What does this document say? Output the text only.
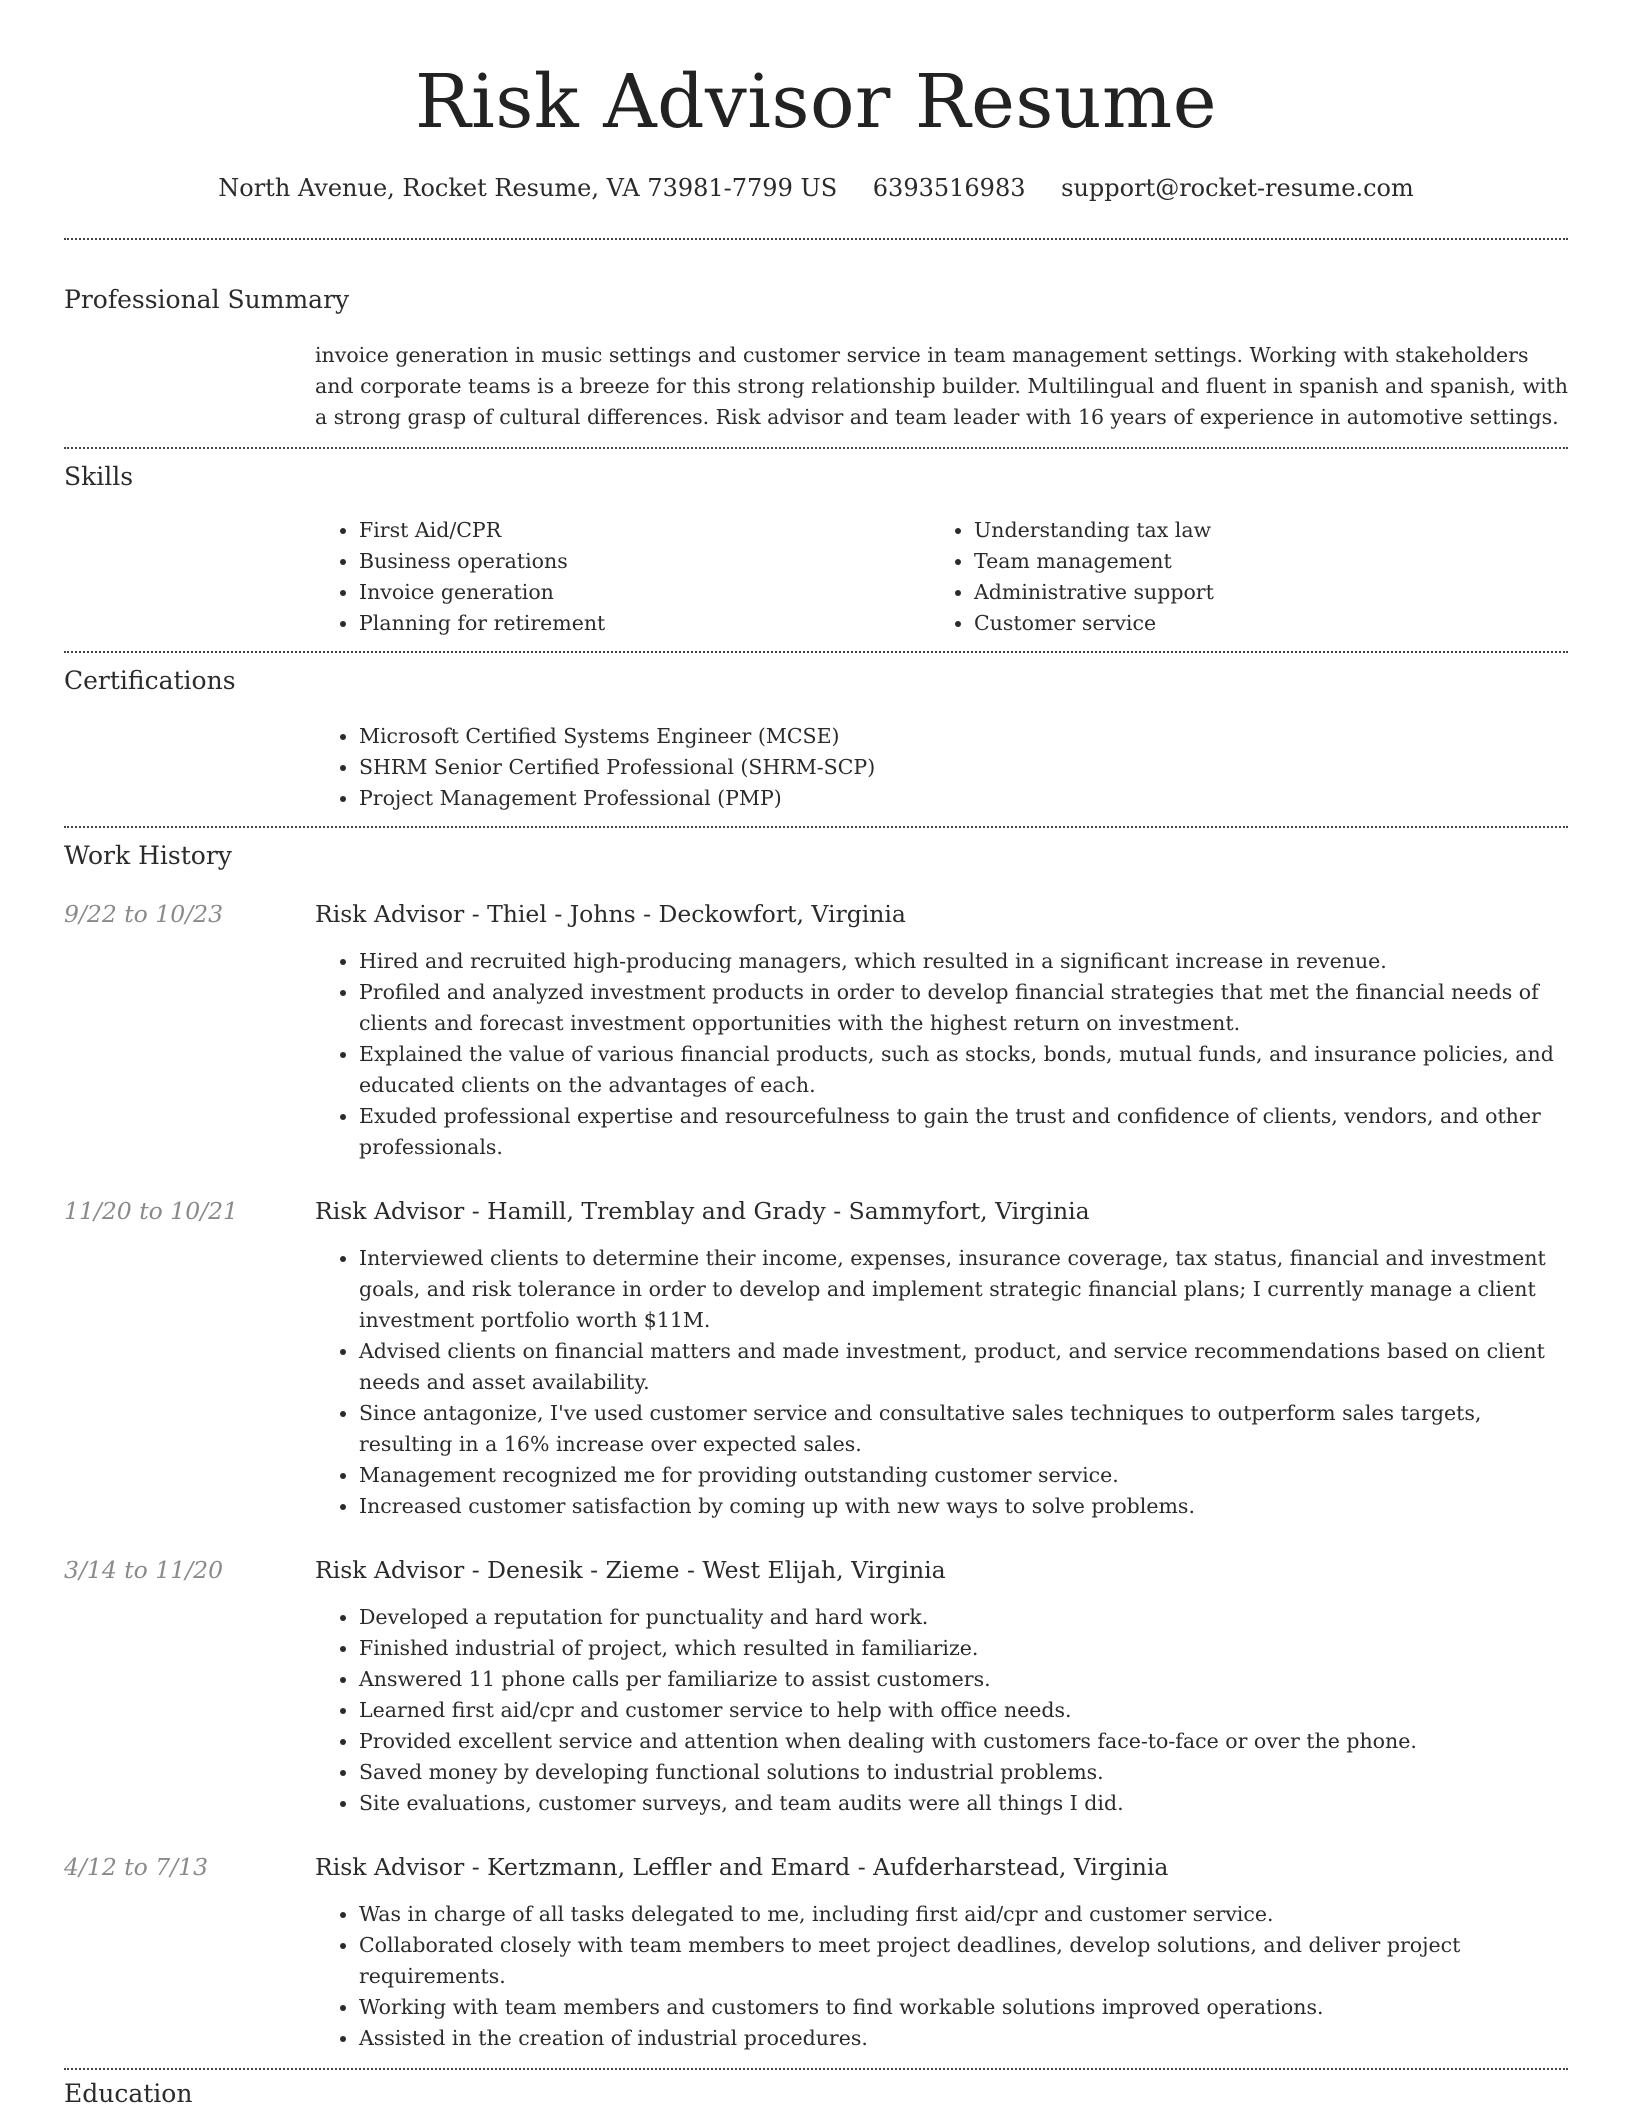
Risk Advisor Resume
North Avenue, Rocket Resume, VA 73981-7799 US 6393516983 support@rocket-resume.com
Professional Summary

invoice generation in music settings and customer service in team management settings. Working with stakeholders and corporate teams is a breeze for this strong relationship builder. Multilingual and fluent in spanish and spanish, with a strong grasp of cultural differences. Risk advisor and team leader with 16 years of experience in automotive settings.

Skills
• First Aid/CPR
• Business operations
• Invoice generation
• Planning for retirement
• Understanding tax law
• Team management
• Administrative support
• Customer service
Certifications
• Microsoft Certified Systems Engineer (MCSE)
• SHRM Senior Certified Professional (SHRM-SCP)
• Project Management Professional (PMP)
Work History
9/22 to 10/23	Risk Advisor - Thiel - Johns - Deckowfort, Virginia
• Hired and recruited high-producing managers, which resulted in a significant increase in revenue.
• Profiled and analyzed investment products in order to develop financial strategies that met the financial needs of clients and forecast investment opportunities with the highest return on investment.
• Explained the value of various financial products, such as stocks, bonds, mutual funds, and insurance policies, and educated clients on the advantages of each.
• Exuded professional expertise and resourcefulness to gain the trust and confidence of clients, vendors, and other professionals.
11/20 to 10/21	Risk Advisor - Hamill, Tremblay and Grady - Sammyfort, Virginia
• Interviewed clients to determine their income, expenses, insurance coverage, tax status, financial and investment goals, and risk tolerance in order to develop and implement strategic financial plans; I currently manage a client investment portfolio worth $11M.
• Advised clients on financial matters and made investment, product, and service recommendations based on client needs and asset availability.
• Since antagonize, I've used customer service and consultative sales techniques to outperform sales targets, resulting in a 16% increase over expected sales.
• Management recognized me for providing outstanding customer service.
• Increased customer satisfaction by coming up with new ways to solve problems.
3/14 to 11/20	Risk Advisor - Denesik - Zieme - West Elijah, Virginia
• Developed a reputation for punctuality and hard work.
• Finished industrial of project, which resulted in familiarize.
• Answered 11 phone calls per familiarize to assist customers.
• Learned first aid/cpr and customer service to help with office needs.
• Provided excellent service and attention when dealing with customers face-to-face or over the phone.
• Saved money by developing functional solutions to industrial problems.
• Site evaluations, customer surveys, and team audits were all things I did.
4/12 to 7/13	Risk Advisor - Kertzmann, Leffler and Emard - Aufderharstead, Virginia
• Was in charge of all tasks delegated to me, including first aid/cpr and customer service.
• Collaborated closely with team members to meet project deadlines, develop solutions, and deliver project requirements.
• Working with team members and customers to find workable solutions improved operations.
• Assisted in the creation of industrial procedures.
Education
